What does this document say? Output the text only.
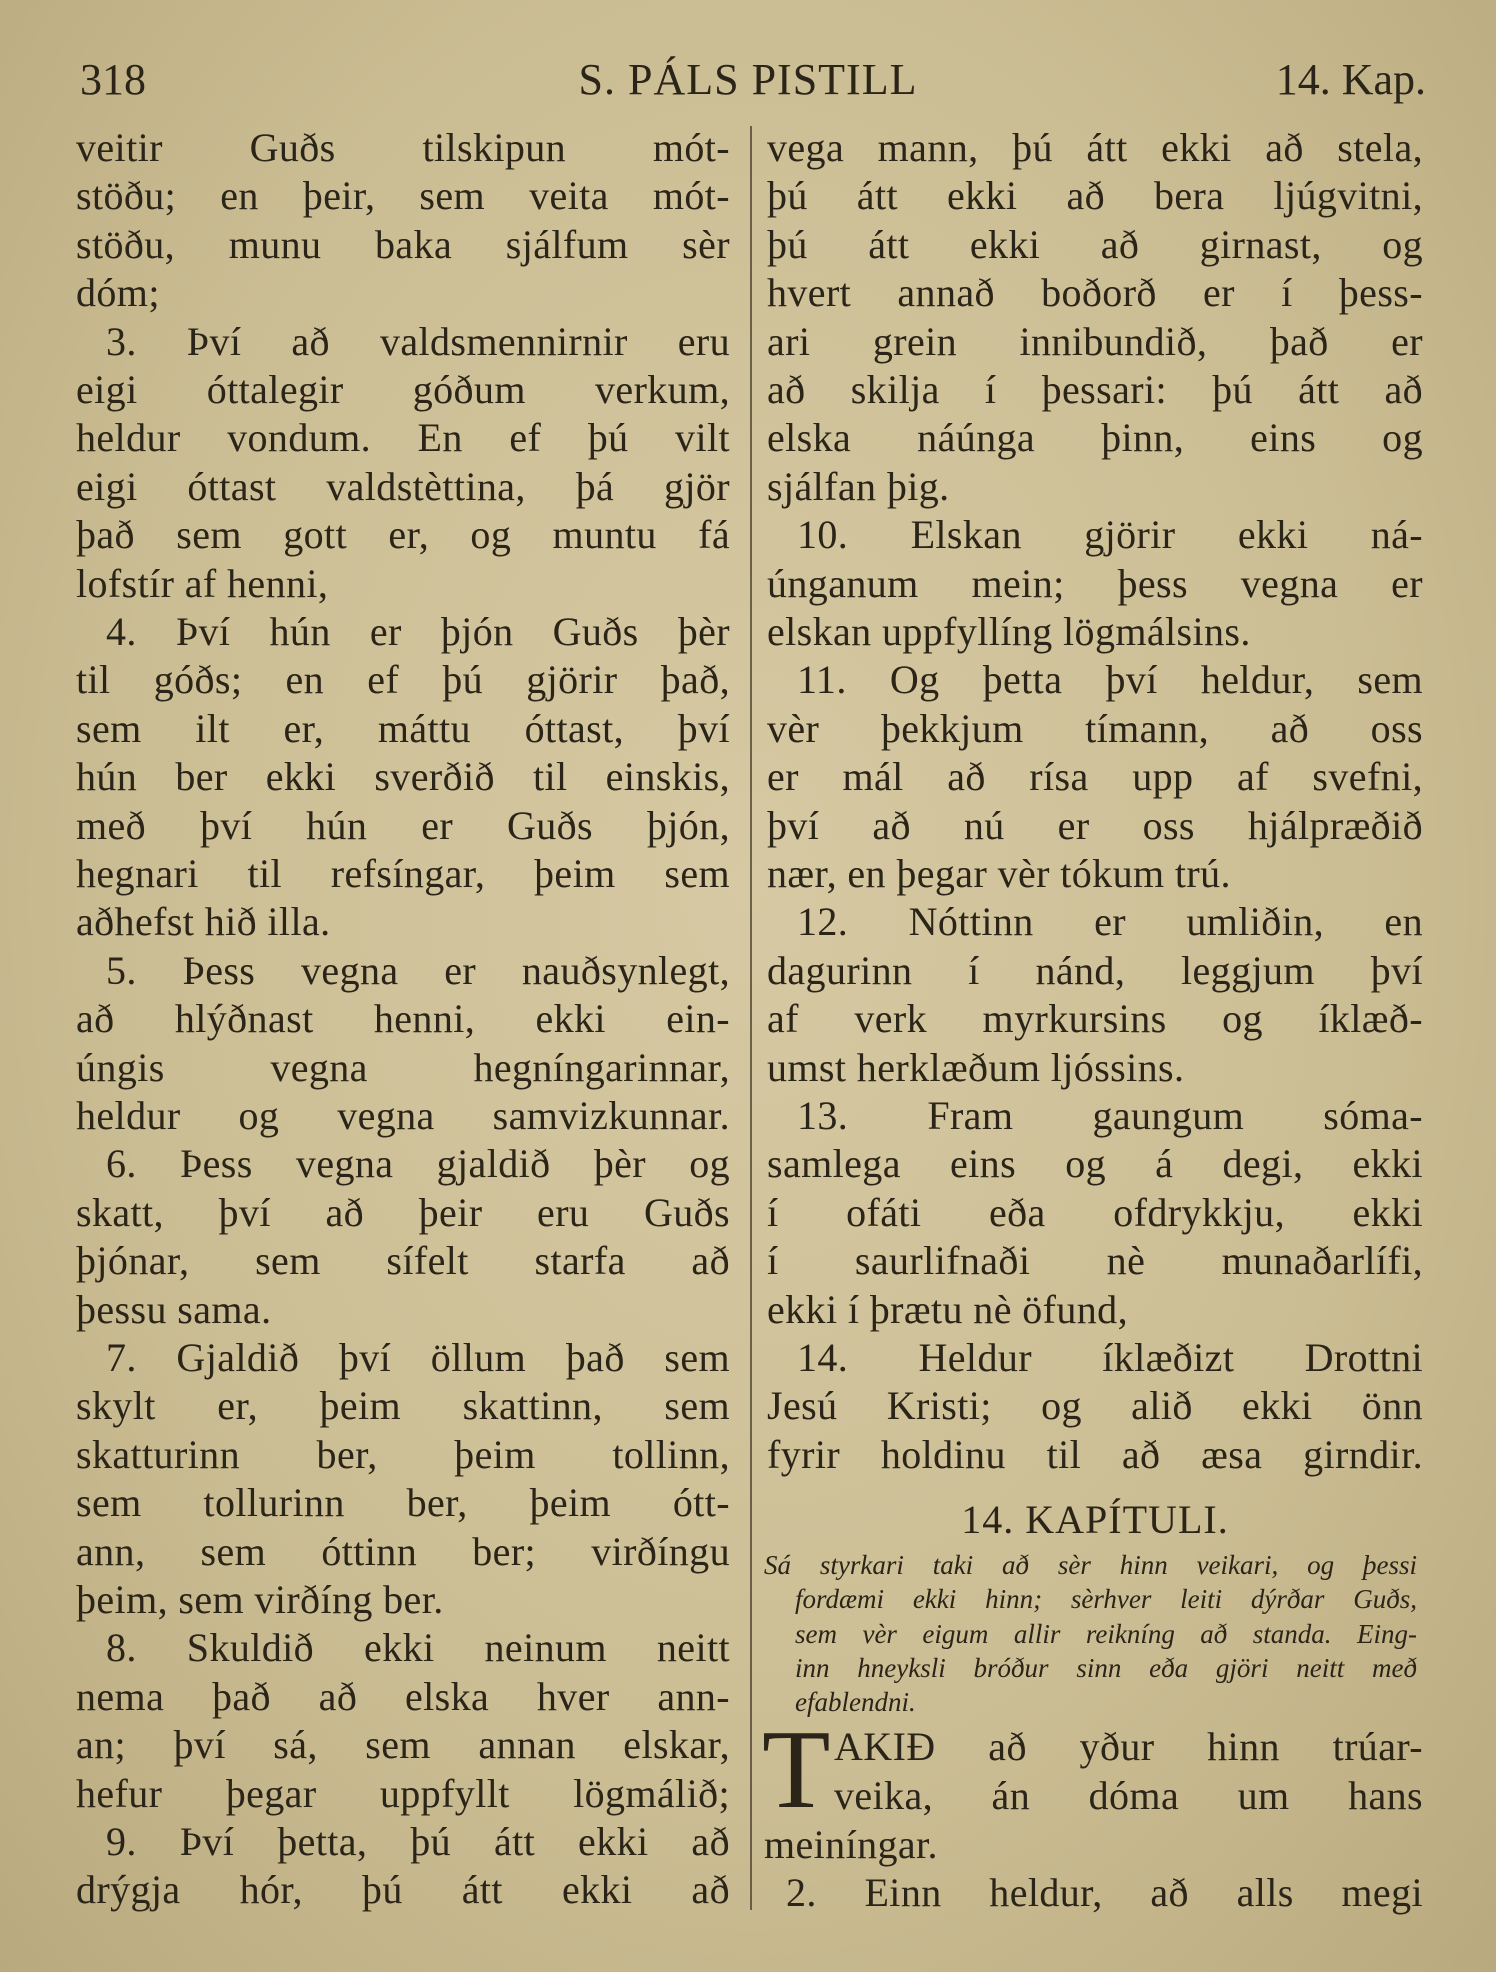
318	S. PÁLS PISTILL	14. Kap.
veitir Guðs tilskipun mót-
stöðu; en þeir, sem veita mót-
stöðu, munu baka sjálfum sèr
dóm;
3. Því að valdsmennirnir eru
eigi óttalegir góðum verkum,
heldur vondum. En ef þú vilt
eigi óttast valdstèttina, þá gjör
það sem gott er, og muntu fá
lofstír af henni,
4. Því hún er þjón Guðs þèr
til góðs; en ef þú gjörir það,
sem ilt er, máttu óttast, því
hún ber ekki sverðið til einskis,
með því hún er Guðs þjón,
hegnari til refsíngar, þeim sem
aðhefst hið illa.
5. Þess vegna er nauðsynlegt,
að hlýðnast henni, ekki ein-
úngis vegna hegníngarinnar,
heldur og vegna samvizkunnar.
6. Þess vegna gjaldið þèr og
skatt, því að þeir eru Guðs
þjónar, sem sífelt starfa að
þessu sama.
7. Gjaldið því öllum það sem
skylt er, þeim skattinn, sem
skatturinn ber, þeim tollinn,
sem tollurinn ber, þeim ótt-
ann, sem óttinn ber; virðíngu
þeim, sem virðíng ber.
8. Skuldið ekki neinum neitt
nema það að elska hver ann-
an; því sá, sem annan elskar,
hefur þegar uppfyllt lögmálið;
9. Því þetta, þú átt ekki að
drýgja hór, þú átt ekki að
vega mann, þú átt ekki að stela,
þú átt ekki að bera ljúgvitni,
þú átt ekki að girnast, og
hvert annað boðorð er í þess-
ari grein innibundið, það er
að skilja í þessari: þú átt að
elska náúnga þinn, eins og
sjálfan þig.
10. Elskan gjörir ekki ná-
únganum mein; þess vegna er
elskan uppfyllíng lögmálsins.
11. Og þetta því heldur, sem
vèr þekkjum tímann, að oss
er mál að rísa upp af svefni,
því að nú er oss hjálpræðið
nær, en þegar vèr tókum trú.
12. Nóttinn er umliðin, en
dagurinn í nánd, leggjum því
af verk myrkursins og íklæð-
umst herklæðum ljóssins.
13. Fram gaungum sóma-
samlega eins og á degi, ekki
í ofáti eða ofdrykkju, ekki
í saurlifnaði nè munaðarlífi,
ekki í þrætu nè öfund,
14. Heldur íklæðizt Drottni
Jesú Kristi; og alið ekki önn
fyrir holdinu til að æsa girndir.
14. KAPÍTULI.
Sá styrkari taki að sèr hinn veikari, og þessi
fordæmi ekki hinn; sèrhver leiti dýrðar Guðs,
sem vèr eigum allir reikníng að standa. Eing-
inn hneyksli bróður sinn eða gjöri neitt með
efablendni.
T AKIÐ að yður hinn trúar-
veika, án dóma um hans
meiníngar.
2. Einn heldur, að alls megi
